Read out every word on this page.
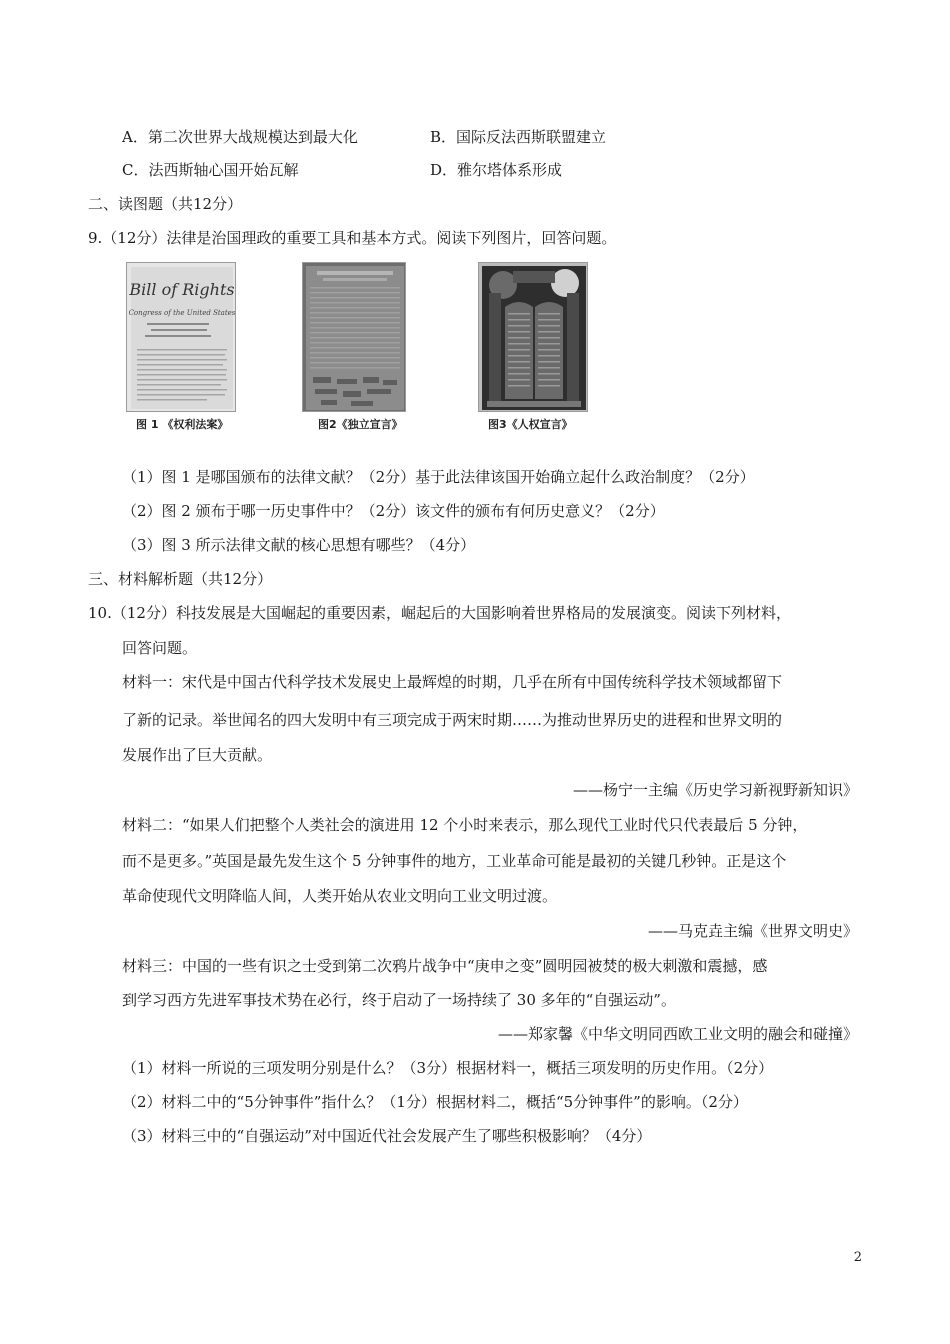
A．第二次世界大战规模达到最大化	B．国际反法西斯联盟建立
C．法西斯轴心国开始瓦解	D．雅尔塔体系形成
二、读图题（共12分）
9.（12分）法律是治国理政的重要工具和基本方式。阅读下列图片，回答问题。
Bill of Rights
Congress of the United States
图 1 《权利法案》	图2《独立宣言》	图3《人权宣言》
（1）图 1 是哪国颁布的法律文献？（2分）基于此法律该国开始确立起什么政治制度？（2分）
（2）图 2 颁布于哪一历史事件中？（2分）该文件的颁布有何历史意义？（2分）
（3）图 3 所示法律文献的核心思想有哪些？（4分）
三、材料解析题（共12分）
10.（12分）科技发展是大国崛起的重要因素，崛起后的大国影响着世界格局的发展演变。阅读下列材料，
回答问题。
材料一：宋代是中国古代科学技术发展史上最辉煌的时期，几乎在所有中国传统科学技术领域都留下
了新的记录。举世闻名的四大发明中有三项完成于两宋时期……为推动世界历史的进程和世界文明的
发展作出了巨大贡献。
——杨宁一主编《历史学习新视野新知识》
材料二：“如果人们把整个人类社会的演进用 12 个小时来表示，那么现代工业时代只代表最后 5 分钟，
而不是更多。”英国是最先发生这个 5 分钟事件的地方，工业革命可能是最初的关键几秒钟。正是这个
革命使现代文明降临人间，人类开始从农业文明向工业文明过渡。
——马克垚主编《世界文明史》
材料三：中国的一些有识之士受到第二次鸦片战争中“庚申之变”圆明园被焚的极大刺激和震撼，感
到学习西方先进军事技术势在必行，终于启动了一场持续了 30 多年的“自强运动”。
——郑家馨《中华文明同西欧工业文明的融会和碰撞》
（1）材料一所说的三项发明分别是什么？（3分）根据材料一，概括三项发明的历史作用。（2分）
（2）材料二中的“5分钟事件”指什么？（1分）根据材料二，概括“5分钟事件”的影响。（2分）
（3）材料三中的“自强运动”对中国近代社会发展产生了哪些积极影响？（4分）
2
